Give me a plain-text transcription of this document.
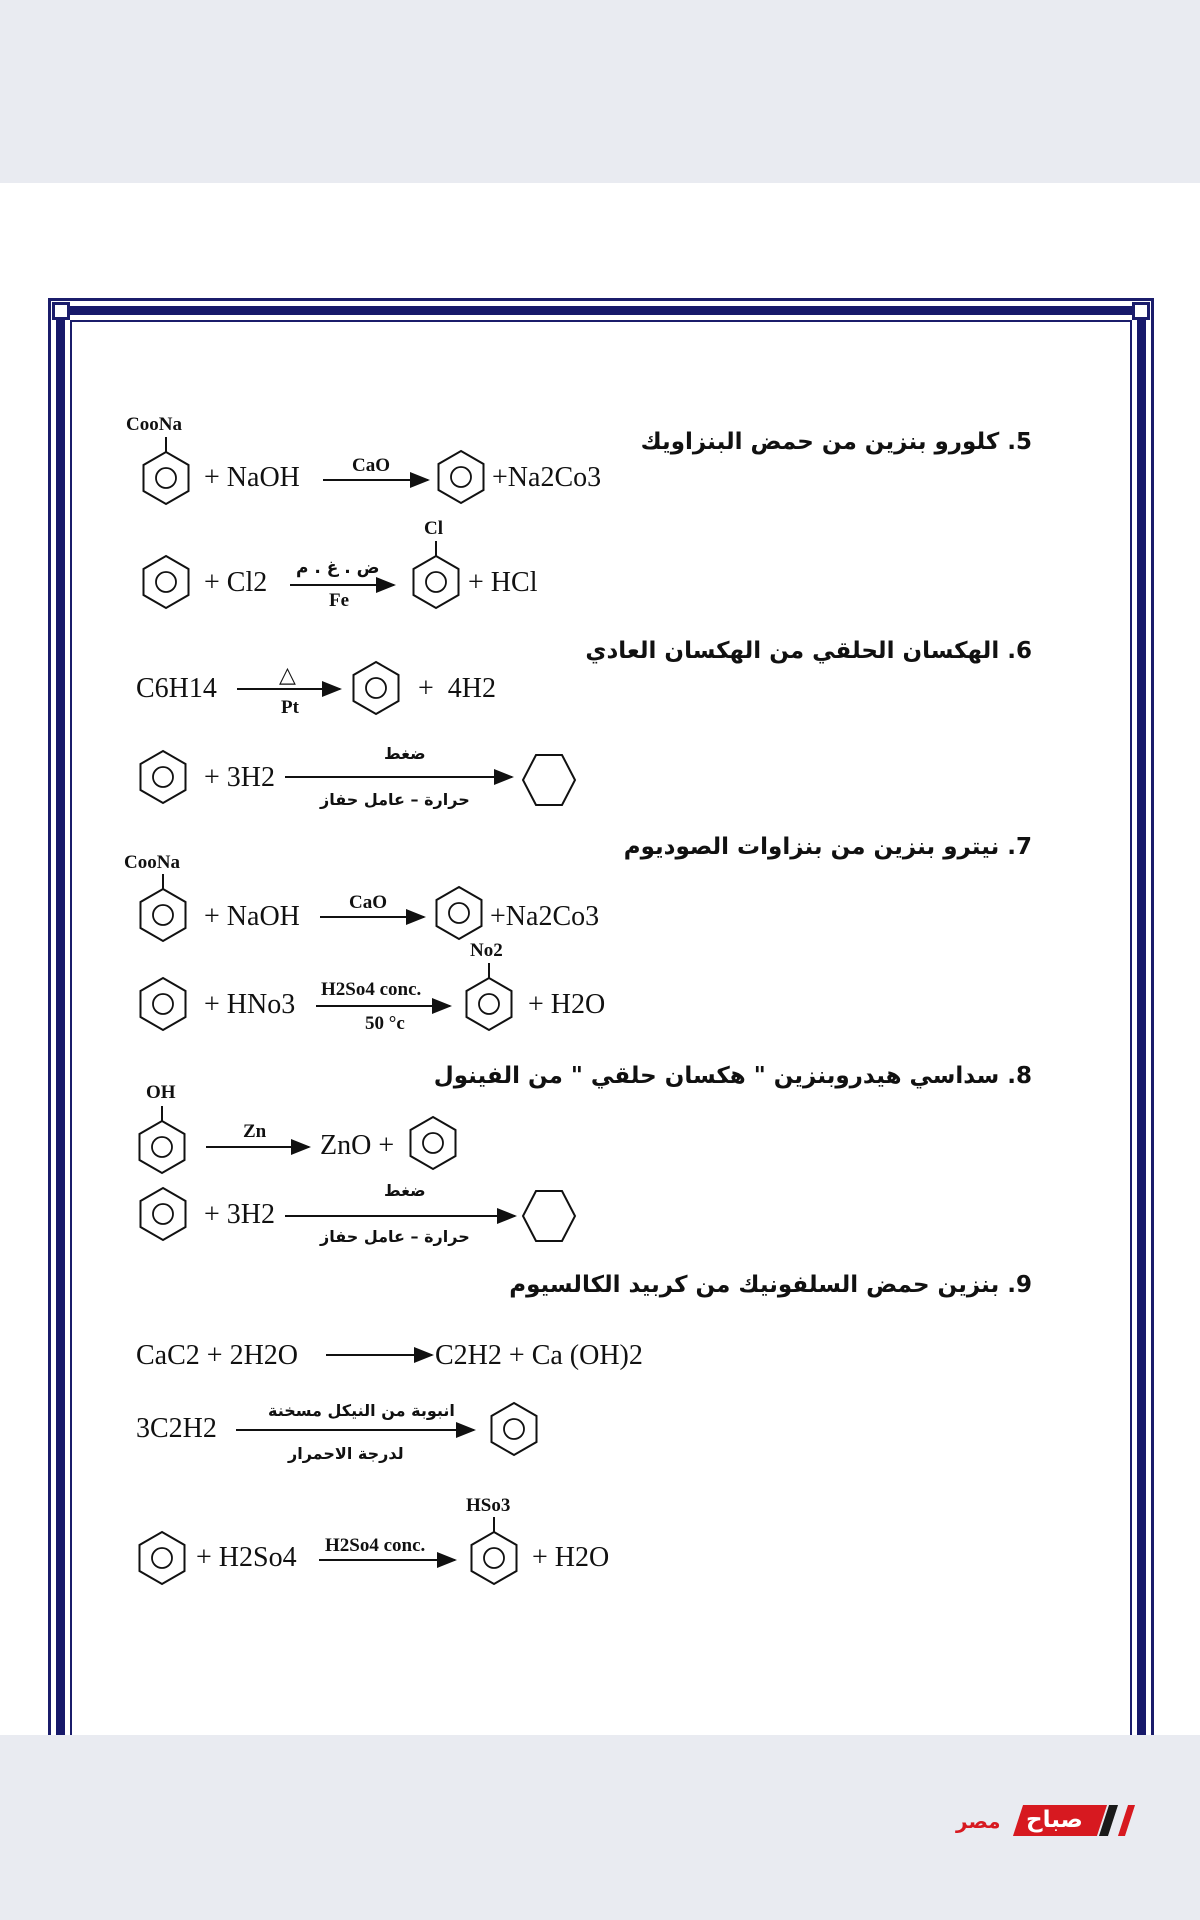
5. كلورو بنزين من حمض البنزاويك
6. الهكسان الحلقي من الهكسان العادي
7. نيترو بنزين من بنزاوات الصوديوم
8. سداسي هيدروبنزين " هكسان حلقي " من الفينول
9. بنزين حمض السلفونيك من كربيد الكالسيوم
CooNa
+ NaOH	CaO	+Na2Co3
+ Cl2 ض . غ . م
Fe
Cl
+ HCl
C6H14	△
Pt
+  4H2
+ 3H2
ضغط
حرارة – عامل حفاز
CooNa
+ NaOH	CaO	+Na2Co3
+ HNo3 H2So4 conc.
50 °c
No2
+ H2O
OH
Zn ZnO +
+ 3H2
ضغط
حرارة – عامل حفاز
CaC2 + 2H2O	C2H2 + Ca (OH)2
3C2H2
انبوبة من النيكل مسخنة
لدرجة الاحمرار
+ H2So4 H2So4 conc.
HSo3
+ H2O
صباح
مصر
